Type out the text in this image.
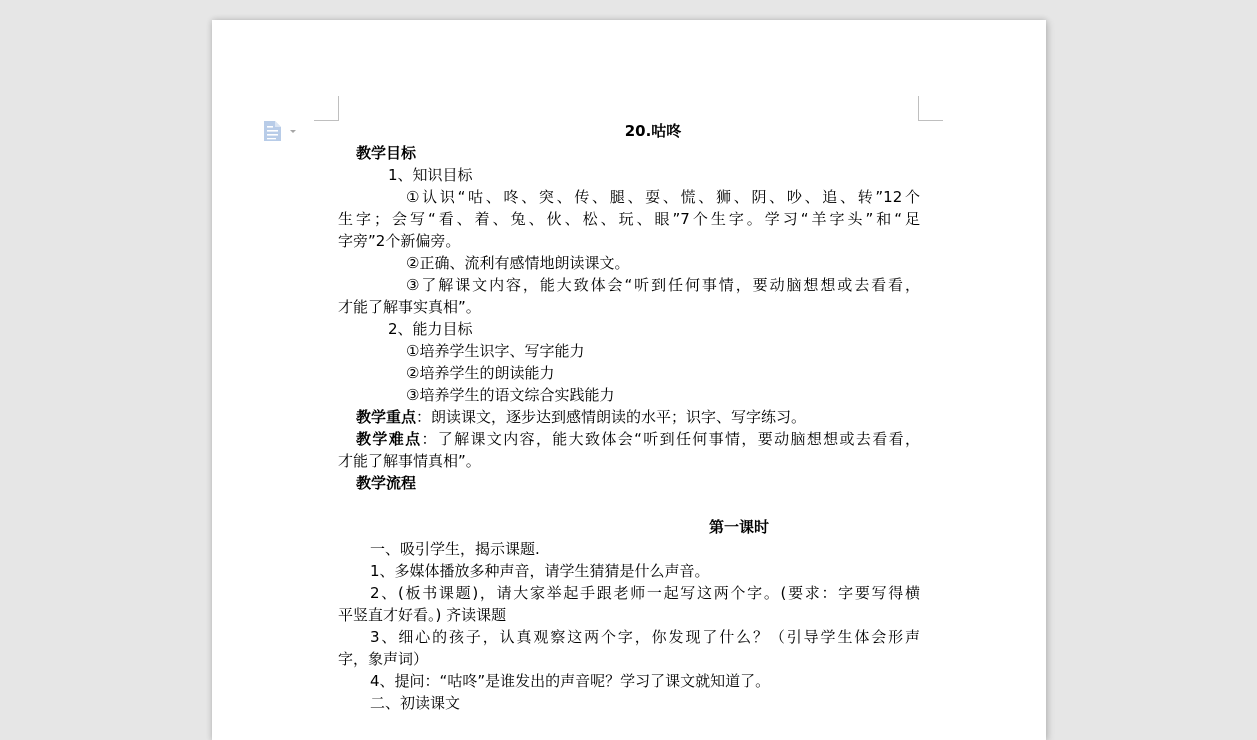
20.咕咚
教学目标
1、知识目标
①认识“咕、咚、突、传、腿、耍、慌、狮、阴、吵、追、转”12个
生字；会写“看、着、兔、伙、松、玩、眼”7个生字。学习“羊字头”和“足
字旁”2个新偏旁。
②正确、流利有感情地朗读课文。
③了解课文内容，能大致体会“听到任何事情，要动脑想想或去看看，
才能了解事实真相”。
2、能力目标
①培养学生识字、写字能力
②培养学生的朗读能力
③培养学生的语文综合实践能力
教学重点：朗读课文，逐步达到感情朗读的水平；识字、写字练习。
教学难点：了解课文内容，能大致体会“听到任何事情，要动脑想想或去看看，
才能了解事情真相”。
教学流程
第一课时
一、吸引学生，揭示课题.
1、多媒体播放多种声音，请学生猜猜是什么声音。
2、(板书课题)，请大家举起手跟老师一起写这两个字。(要求：字要写得横
平竖直才好看。) 齐读课题
3、细心的孩子，认真观察这两个字，你发现了什么？（引导学生体会形声
字，象声词）
4、提问：“咕咚”是谁发出的声音呢？学习了课文就知道了。
二、初读课文
